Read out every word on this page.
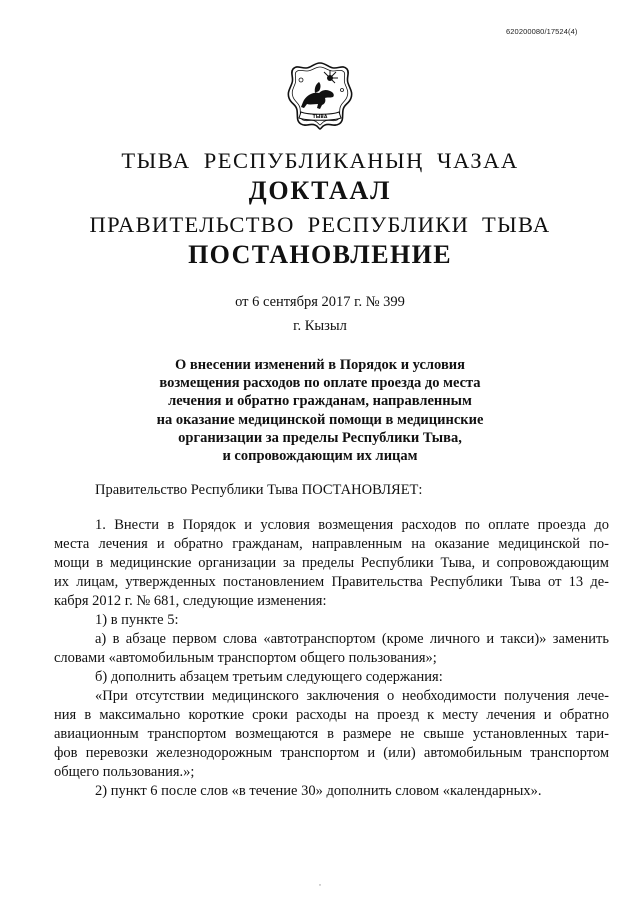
620200080/17524(4)
ТЫВА
ТЫВА РЕСПУБЛИКАНЫҢ ЧАЗАА
ДОКТААЛ
ПРАВИТЕЛЬСТВО РЕСПУБЛИКИ ТЫВА
ПОСТАНОВЛЕНИЕ
от 6 сентября 2017 г. № 399
г. Кызыл
О внесении изменений в Порядок и условия
возмещения расходов по оплате проезда до места
лечения и обратно гражданам, направленным
на оказание медицинской помощи в медицинские
организации за пределы Республики Тыва,
и сопровождающим их лицам
Правительство Республики Тыва ПОСТАНОВЛЯЕТ:

1. Внести в Порядок и условия возмещения расходов по оплате проезда до
места лечения и обратно гражданам, направленным на оказание медицинской по-
мощи в медицинские организации за пределы Республики Тыва, и сопровождающим
их лицам, утвержденных постановлением Правительства Республики Тыва от 13 де-
кабря 2012 г. № 681, следующие изменения:

1) в пункте 5:

а) в абзаце первом слова «автотранспортом (кроме личного и такси)» заменить
словами «автомобильным транспортом общего пользования»;

б) дополнить абзацем третьим следующего содержания:

«При отсутствии медицинского заключения о необходимости получения лече-
ния в максимально короткие сроки расходы на проезд к месту лечения и обратно
авиационным транспортом возмещаются в размере не свыше установленных тари-
фов перевозки железнодорожным транспортом и (или) автомобильным транспортом
общего пользования.»;

2) пункт 6 после слов «в течение 30» дополнить словом «календарных».

·
